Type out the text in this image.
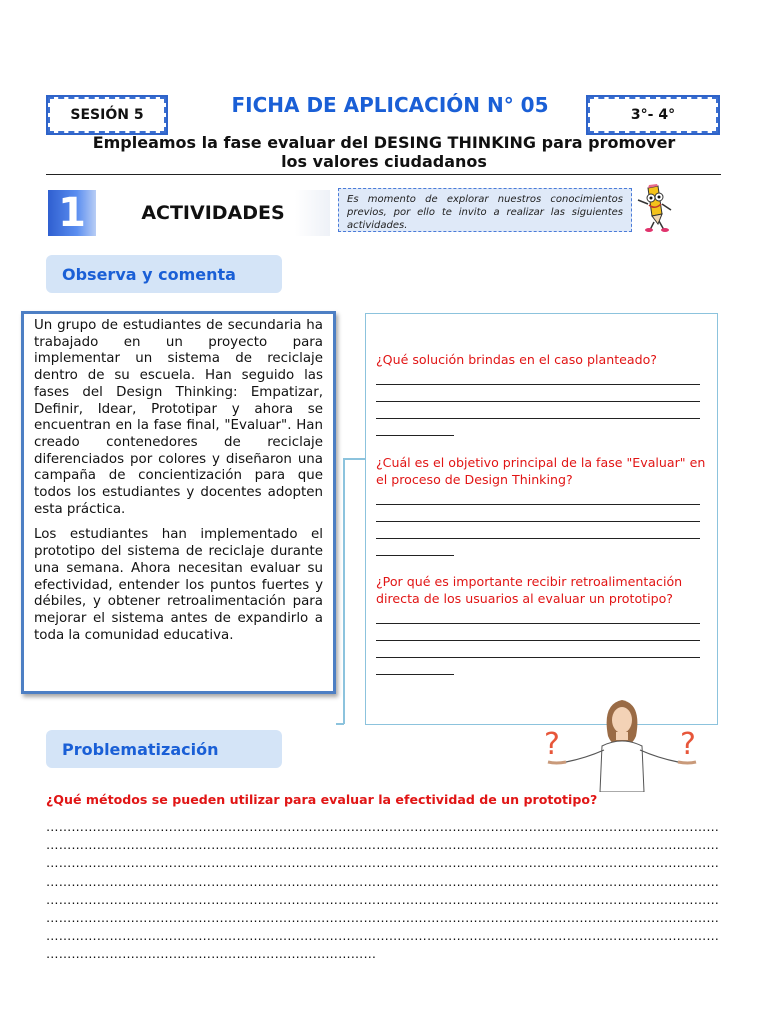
SESIÓN 5	FICHA DE APLICACIÓN N° 05	3°- 4°
Empleamos la fase evaluar del DESING THINKING para promover
los valores ciudadanos
1	ACTIVIDADES
Es momento de explorar nuestros conocimientos previos, por ello te invito a realizar las siguientes actividades.
Observa y comenta

Un grupo de estudiantes de secundaria ha trabajado en un proyecto para implementar un sistema de reciclaje dentro de su escuela. Han seguido las fases del Design Thinking: Empatizar, Definir, Idear, Prototipar y ahora se encuentran en la fase final, "Evaluar". Han creado contenedores de reciclaje diferenciados por colores y diseñaron una campaña de concientización para que todos los estudiantes y docentes adopten esta práctica.

Los estudiantes han implementado el prototipo del sistema de reciclaje durante una semana. Ahora necesitan evaluar su efectividad, entender los puntos fuertes y débiles, y obtener retroalimentación para mejorar el sistema antes de expandirlo a toda la comunidad educativa.

¿Qué solución brindas en el caso planteado?
¿Cuál es el objetivo principal de la fase "Evaluar" en el proceso de Design Thinking?
¿Por qué es importante recibir retroalimentación directa de los usuarios al evaluar un prototipo?
Problematización	?	?
¿Qué métodos se pueden utilizar para evaluar la efectividad de un prototipo?
……………………………………………………………………………………………………………………………………………
……………………………………………………………………………………………………………………………………………
……………………………………………………………………………………………………………………………………………
……………………………………………………………………………………………………………………………………………
……………………………………………………………………………………………………………………………………………
……………………………………………………………………………………………………………………………………………
……………………………………………………………………………………………………………………………………………
……………………………………………………………………
